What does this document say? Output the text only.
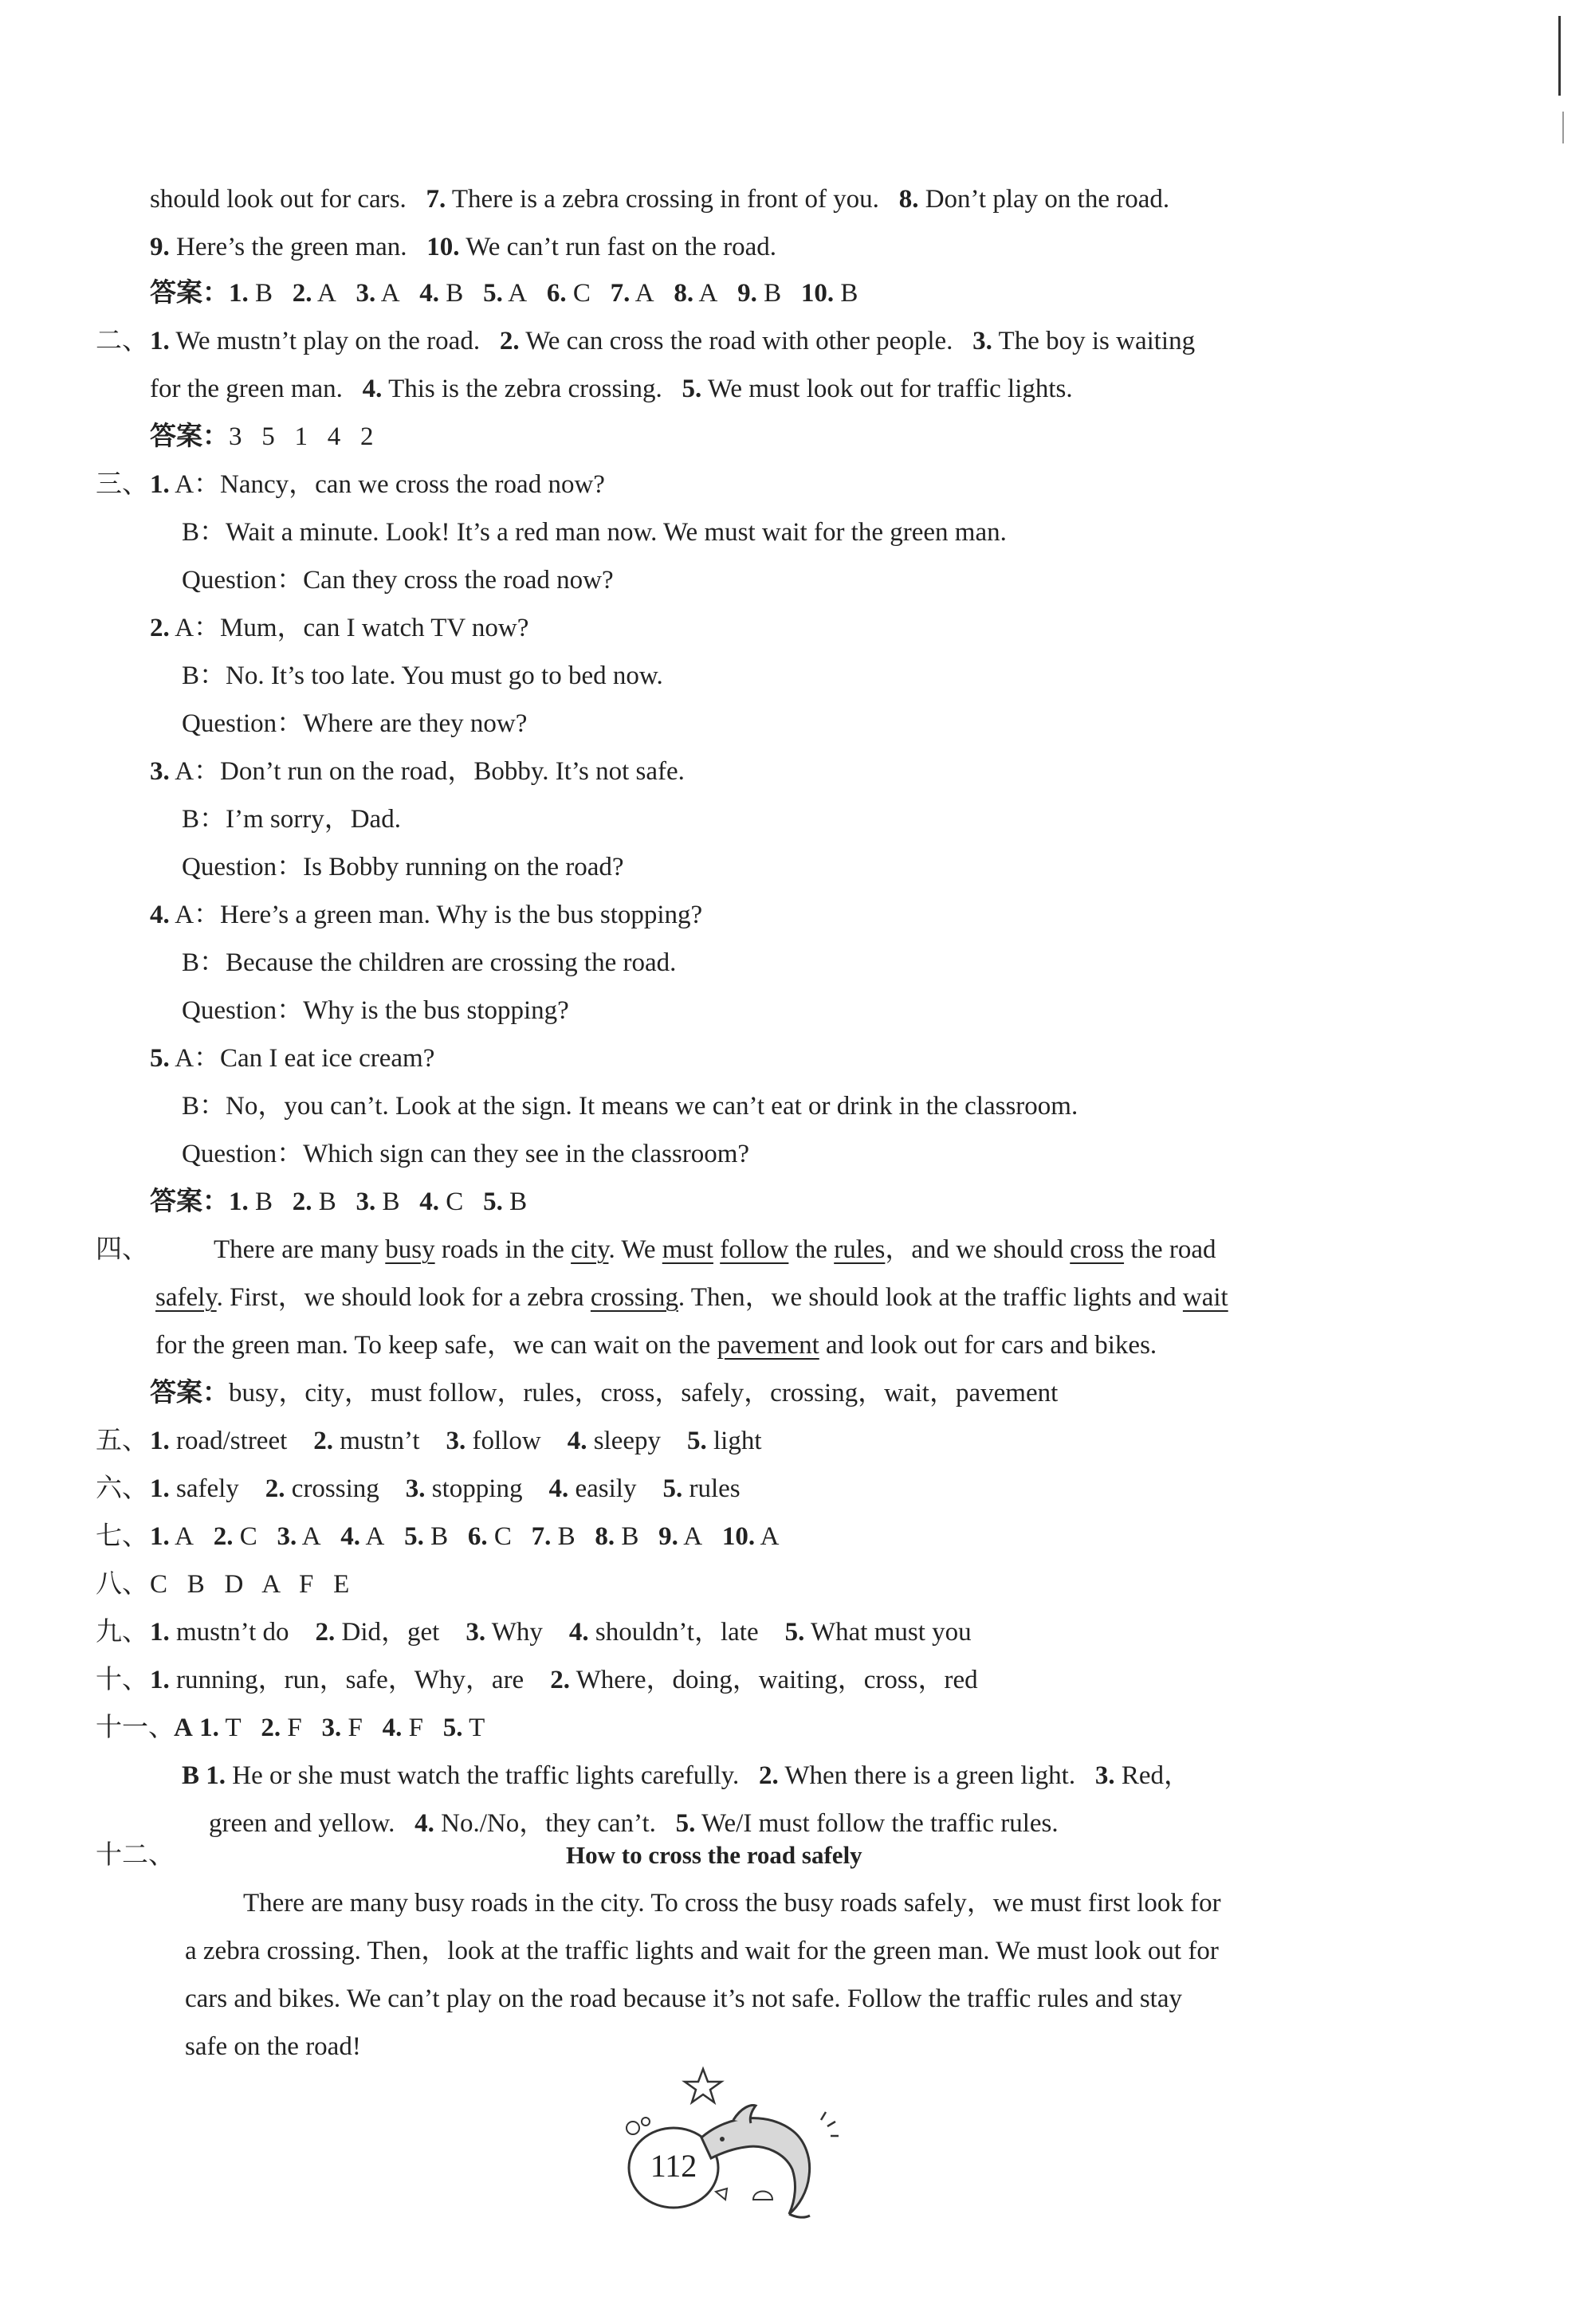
should look out for cars. 7. There is a zebra crossing in front of you. 8. Don’t play on the road.
9. Here’s the green man. 10. We can’t run fast on the road.
答案：1. B 2. A 3. A 4. B 5. A 6. C 7. A 8. A 9. B 10. B
二、 1. We mustn’t play on the road. 2. We can cross the road with other people. 3. The boy is waiting
for the green man. 4. This is the zebra crossing. 5. We must look out for traffic lights.
答案：3   5   1   4   2
三、 1. A：Nancy，can we cross the road now?
B：Wait a minute. Look! It’s a red man now. We must wait for the green man.
Question：Can they cross the road now?
2. A：Mum，can I watch TV now?
B：No. It’s too late. You must go to bed now.
Question：Where are they now?
3. A：Don’t run on the road，Bobby. It’s not safe.
B：I’m sorry，Dad.
Question：Is Bobby running on the road?
4. A：Here’s a green man. Why is the bus stopping?
B：Because the children are crossing the road.
Question：Why is the bus stopping?
5. A：Can I eat ice cream?
B：No，you can’t. Look at the sign. It means we can’t eat or drink in the classroom.
Question：Which sign can they see in the classroom?
答案：1. B 2. B 3. B 4. C 5. B
四、 There are many busy roads in the city. We must follow the rules，and we should cross the road
safely. First，we should look for a zebra crossing. Then，we should look at the traffic lights and wait
for the green man. To keep safe，we can wait on the pavement and look out for cars and bikes.
答案：busy，city，must follow，rules，cross，safely，crossing，wait，pavement
五、 1. road/street 2. mustn’t 3. follow 4. sleepy 5. light
六、 1. safely 2. crossing 3. stopping 4. easily 5. rules
七、 1. A 2. C 3. A 4. A 5. B 6. C 7. B 8. B 9. A 10. A
八、 C   B   D   A   F   E
九、 1. mustn’t do 2. Did，get 3. Why 4. shouldn’t，late 5. What must you
十、 1. running，run，safe，Why，are 2. Where，doing，waiting，cross，red
十一、 A 1. T 2. F 3. F 4. F 5. T
B 1. He or she must watch the traffic lights carefully. 2. When there is a green light. 3. Red，
green and yellow. 4. No./No，they can’t. 5. We/I must follow the traffic rules.
十二、	How to cross the road safely
There are many busy roads in the city. To cross the busy roads safely，we must first look for
a zebra crossing. Then，look at the traffic lights and wait for the green man. We must look out for
cars and bikes. We can’t play on the road because it’s not safe. Follow the traffic rules and stay
safe on the road!
112
